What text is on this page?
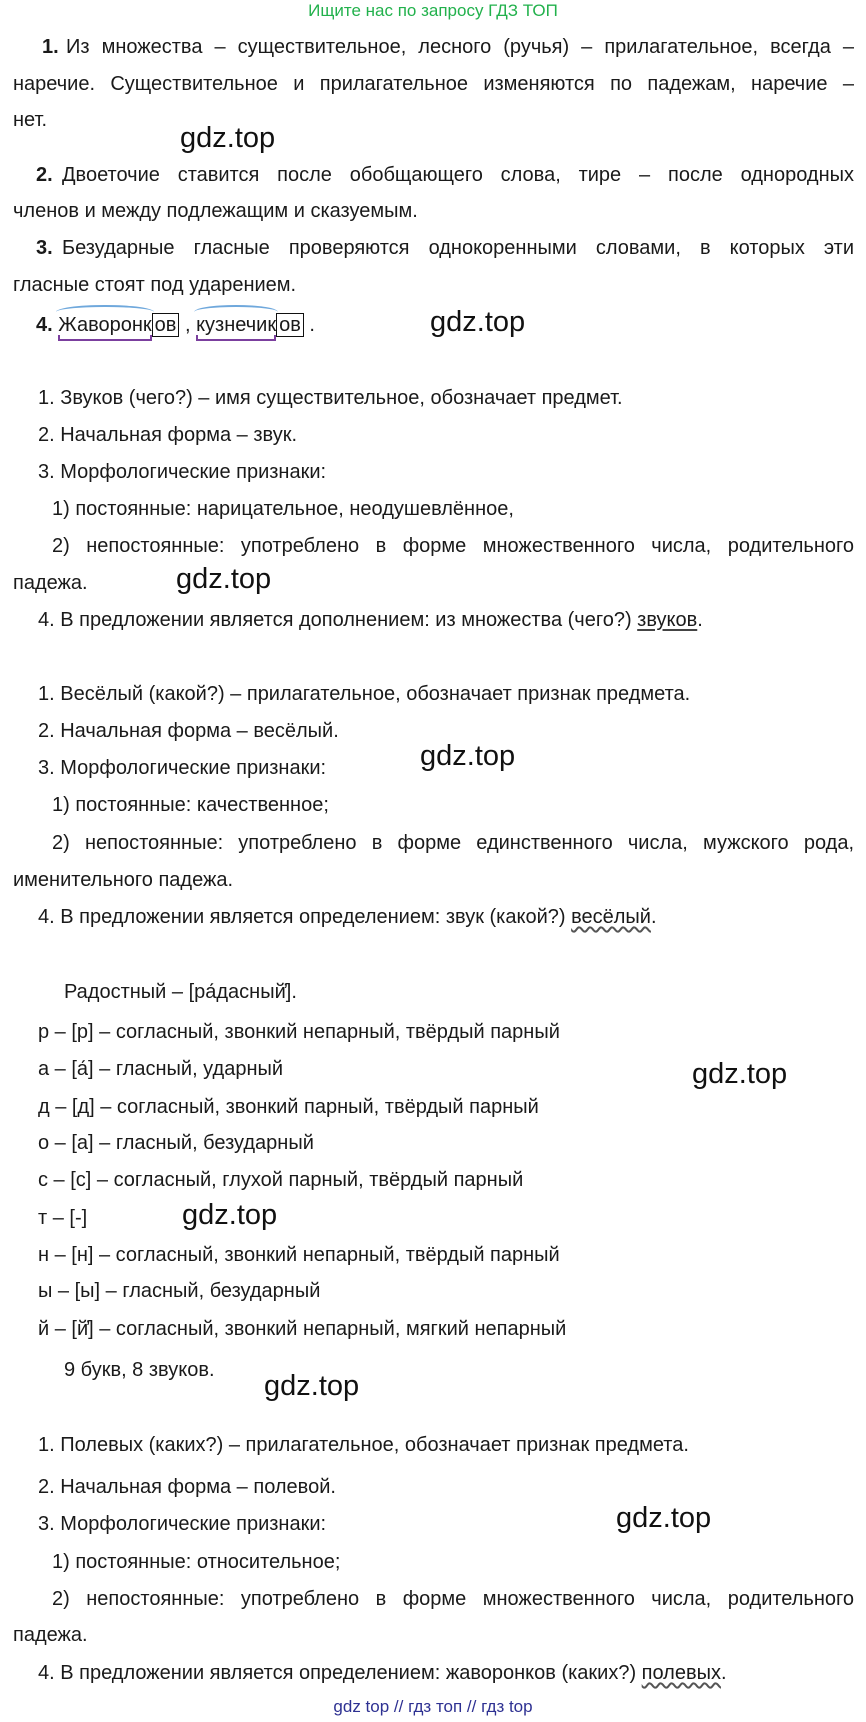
Ищите нас по запросу ГДЗ ТОП
1. Из множества – существительное, лесного (ручья) – прилагательное, всегда –
наречие. Существительное и прилагательное изменяются по падежам, наречие –
нет.
2. Двоеточие ставится после обобщающего слова, тире – после однородных
членов и между подлежащим и сказуемым.
3. Безударные гласные проверяются однокоренными словами, в которых эти
гласные стоят под ударением.
4. Жаворонк ов , кузнечик ов .
1. Звуков (чего?) – имя существительное, обозначает предмет.
2. Начальная форма – звук.
3. Морфологические признаки:
1) постоянные: нарицательное, неодушевлённое,
2) непостоянные: употреблено в форме множественного числа, родительного
падежа.
4. В предложении является дополнением: из множества (чего?) звуков.
1. Весёлый (какой?) – прилагательное, обозначает признак предмета.
2. Начальная форма – весёлый.
3. Морфологические признаки:
1) постоянные: качественное;
2) непостоянные: употреблено в форме единственного числа, мужского рода,
именительного падежа.
4. В предложении является определением: звук (какой?) весёлый.
Радостный – [ра́дасный̓].
р – [р] – согласный, звонкий непарный, твёрдый парный
а – [а́] – гласный, ударный
д – [д] – согласный, звонкий парный, твёрдый парный
о – [а] – гласный, безударный
с – [с] – согласный, глухой парный, твёрдый парный
т – [-]
н – [н] – согласный, звонкий непарный, твёрдый парный
ы – [ы] – гласный, безударный
й – [й̓] – согласный, звонкий непарный, мягкий непарный
9 букв, 8 звуков.
1. Полевых (каких?) – прилагательное, обозначает признак предмета.
2. Начальная форма – полевой.
3. Морфологические признаки:
1) постоянные: относительное;
2) непостоянные: употреблено в форме множественного числа, родительного
падежа.
4. В предложении является определением: жаворонков (каких?) полевых.
gdz.top
gdz.top
gdz.top
gdz.top
gdz.top
gdz.top
gdz.top
gdz.top
gdz top // гдз топ // гдз top
